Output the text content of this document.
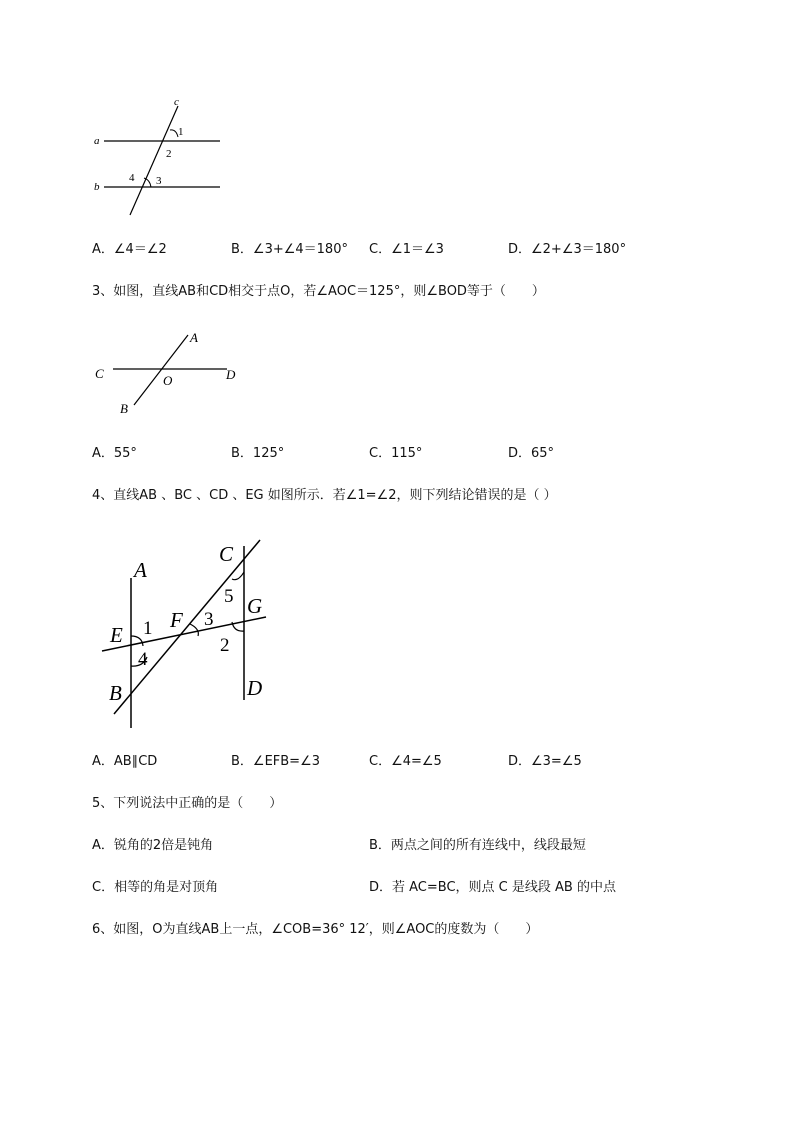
c
a
b
1
2
3
4
A．∠4＝∠2	B．∠3+∠4＝180° C．∠1＝∠3	D．∠2+∠3＝180°
3、如图，直线AB和CD相交于点O，若∠AOC＝125°，则∠BOD等于（　　）
A
C	D
O
B
A．55°	B．125°	C．115°	D．65°
4、直线AB 、BC 、CD 、EG 如图所示．若∠1=∠2，则下列结论错误的是（ ）
A
C
G
E
F
D
B
1	3
5
2
4
A．AB∥CD	B．∠EFB=∠3	C．∠4=∠5	D．∠3=∠5
5、下列说法中正确的是（　　）
A．锐角的2倍是钝角	B．两点之间的所有连线中，线段最短
C．相等的角是对顶角	D．若 AC=BC，则点 C 是线段 AB 的中点
6、如图，O为直线AB上一点，∠COB=36° 12′，则∠AOC的度数为（　　）
